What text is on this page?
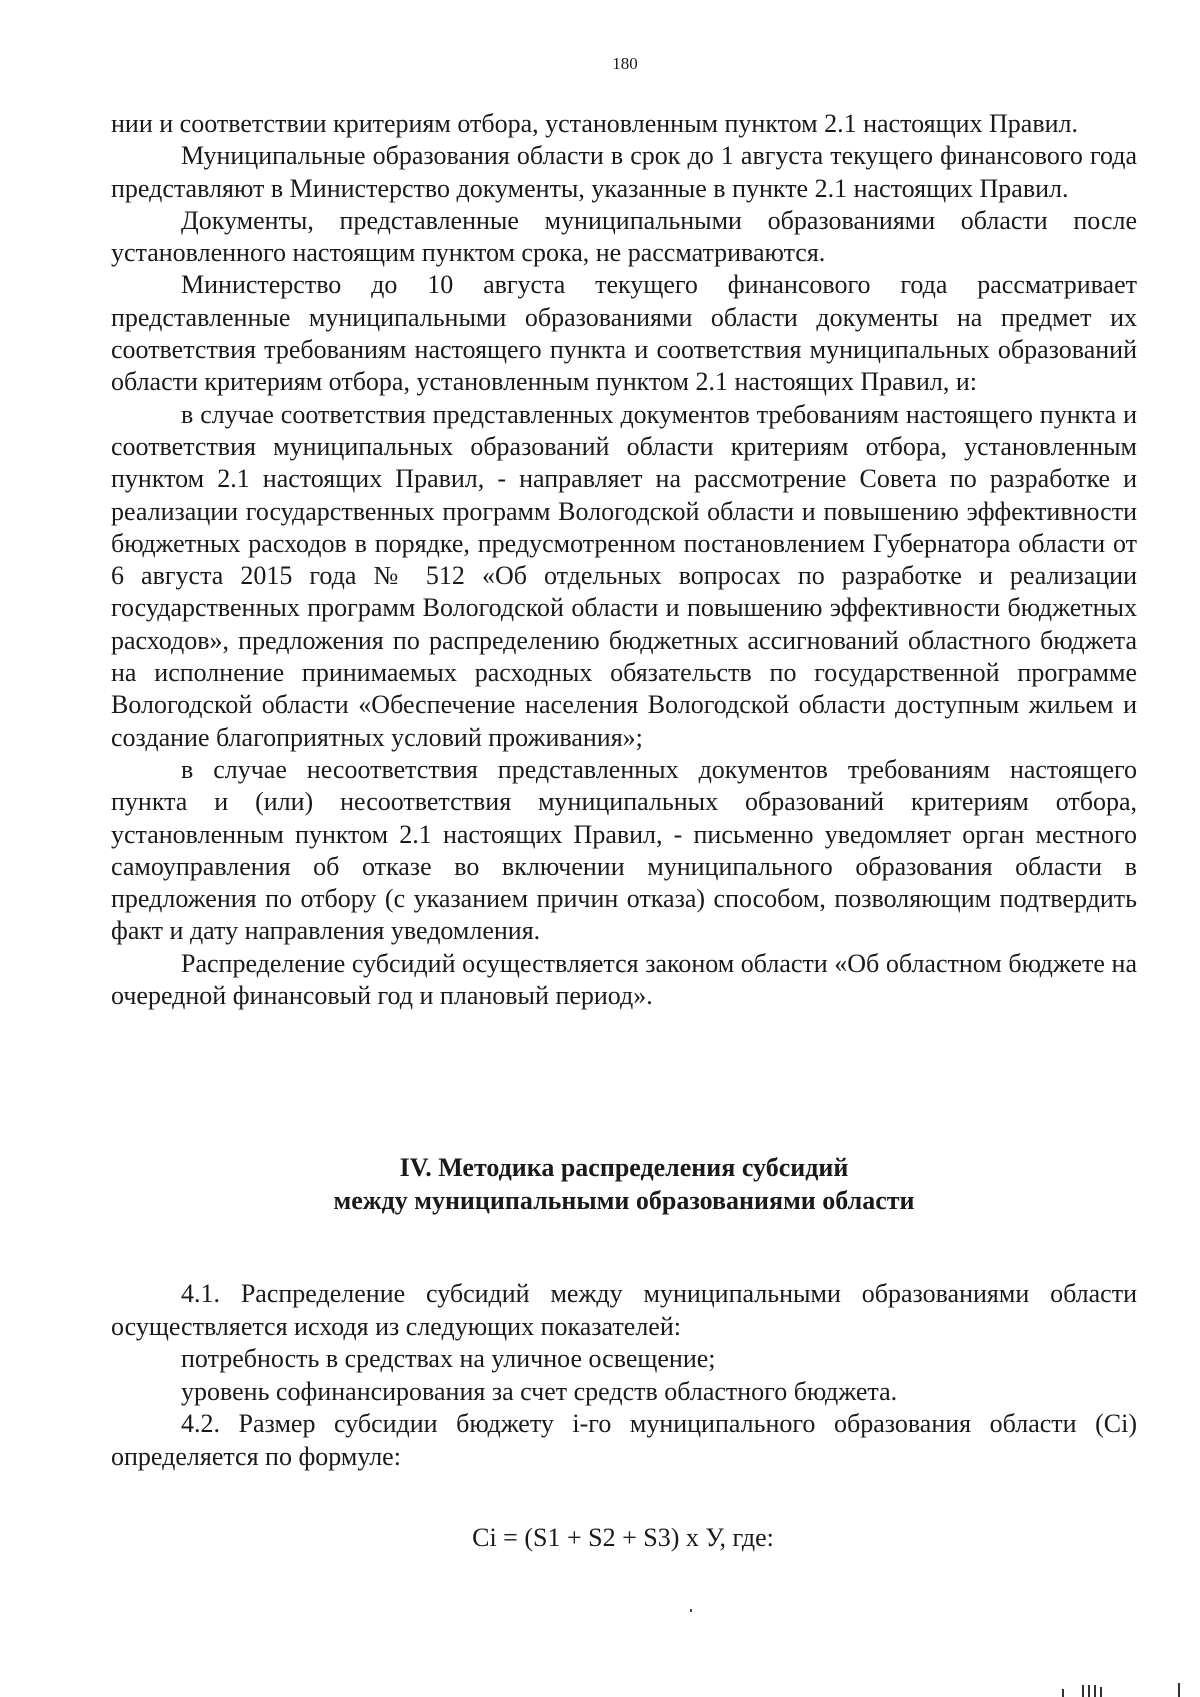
180

нии и соответствии критериям отбора, установленным пунктом 2.1 настоящих Правил.

Муниципальные образования области в срок до 1 августа текущего финансового года представляют в Министерство документы, указанные в пункте 2.1 настоящих Правил.

Документы, представленные муниципальными образованиями области после установленного настоящим пунктом срока, не рассматриваются.

Министерство до 10 августа текущего финансового года рассматривает представленные муниципальными образованиями области документы на предмет их соответствия требованиям настоящего пункта и соответствия муниципальных образований области критериям отбора, установленным пунктом 2.1 настоящих Правил, и:

в случае соответствия представленных документов требованиям настоящего пункта и соответствия муниципальных образований области критериям отбора, установленным пунктом 2.1 настоящих Правил, - направляет на рассмотрение Совета по разработке и реализации государственных программ Вологодской области и повышению эффективности бюджетных расходов в порядке, предусмотренном постановлением Губернатора области от 6 августа 2015 года № 512 «Об отдельных вопросах по разработке и реализации государственных программ Вологодской области и повышению эффективности бюджетных расходов», предложения по распределению бюджетных ассигнований областного бюджета на исполнение принимаемых расходных обязательств по государственной программе Вологодской области «Обеспечение населения Вологодской области доступным жильем и создание благоприятных условий проживания»;

в случае несоответствия представленных документов требованиям настоящего пункта и (или) несоответствия муниципальных образований критериям отбора, установленным пунктом 2.1 настоящих Правил, - письменно уведомляет орган местного самоуправления об отказе во включении муниципального образования области в предложения по отбору (с указанием причин отказа) способом, позволяющим подтвердить факт и дату направления уведомления.

Распределение субсидий осуществляется законом области «Об областном бюджете на очередной финансовый год и плановый период».

IV. Методика распределения субсидий
между муниципальными образованиями области

4.1. Распределение субсидий между муниципальными образованиями области осуществляется исходя из следующих показателей:

потребность в средствах на уличное освещение;

уровень софинансирования за счет средств областного бюджета.

4.2. Размер субсидии бюджету i-го муниципального образования области (Ci) определяется по формуле:

Ci = (S1 + S2 + S3) x У, где:
